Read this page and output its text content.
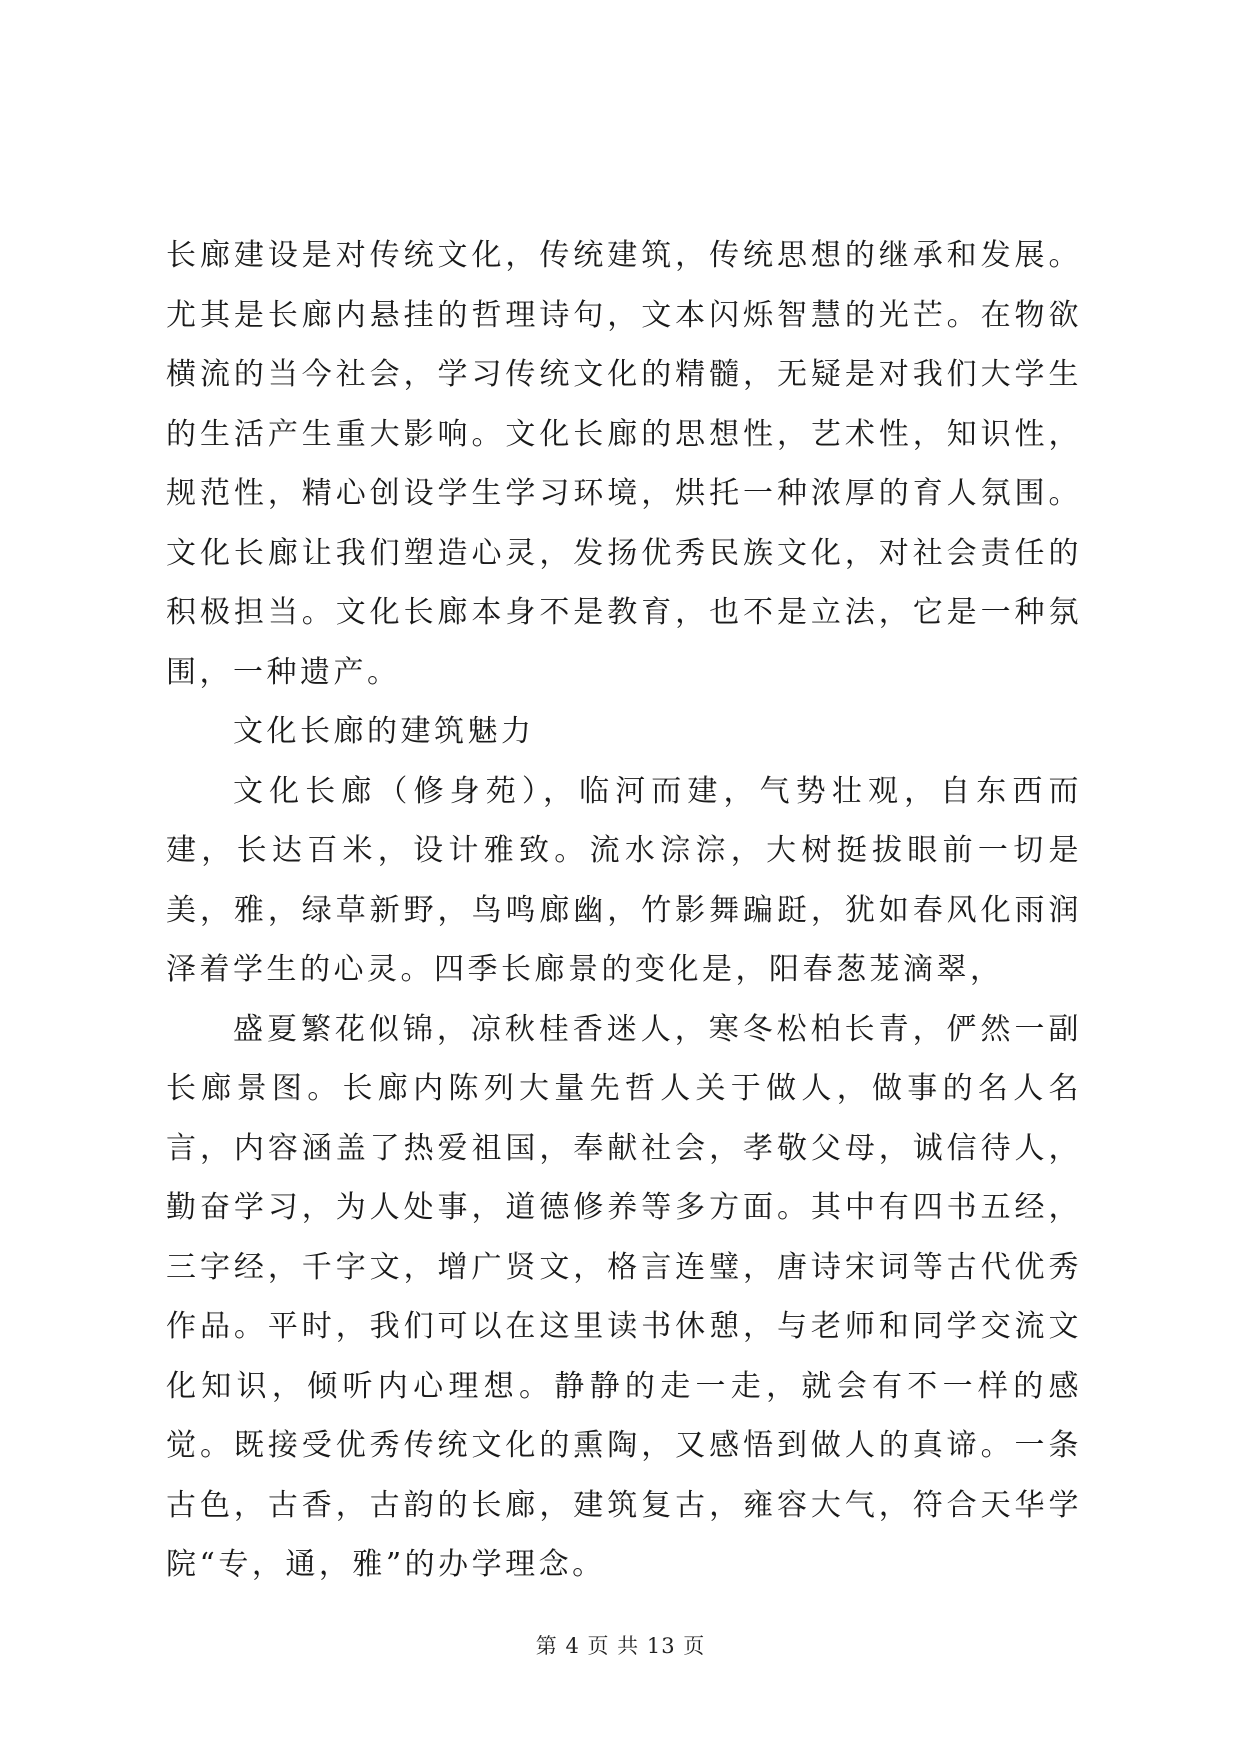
长廊建设是对传统文化，传统建筑，传统思想的继承和发展。尤其是长廊内悬挂的哲理诗句，文本闪烁智慧的光芒。在物欲横流的当今社会，学习传统文化的精髓，无疑是对我们大学生的生活产生重大影响。文化长廊的思想性，艺术性，知识性，规范性，精心创设学生学习环境，烘托一种浓厚的育人氛围。文化长廊让我们塑造心灵，发扬优秀民族文化，对社会责任的积极担当。文化长廊本身不是教育，也不是立法，它是一种氛围，一种遗产。

文化长廊的建筑魅力

文化长廊（修身苑），临河而建，气势壮观，自东西而建，长达百米，设计雅致。流水淙淙，大树挺拔眼前一切是美，雅，绿草新野，鸟鸣廊幽，竹影舞蹁跹，犹如春风化雨润泽着学生的心灵。四季长廊景的变化是，阳春葱茏滴翠，

盛夏繁花似锦，凉秋桂香迷人，寒冬松柏长青，俨然一副长廊景图。长廊内陈列大量先哲人关于做人，做事的名人名言，内容涵盖了热爱祖国，奉献社会，孝敬父母，诚信待人，勤奋学习，为人处事，道德修养等多方面。其中有四书五经，三字经，千字文，增广贤文，格言连璧，唐诗宋词等古代优秀作品。平时，我们可以在这里读书休憩，与老师和同学交流文化知识，倾听内心理想。静静的走一走，就会有不一样的感觉。既接受优秀传统文化的熏陶，又感悟到做人的真谛。一条古色，古香，古韵的长廊，建筑复古，雍容大气，符合天华学院“专，通，雅”的办学理念。

第 4 页 共 13 页
